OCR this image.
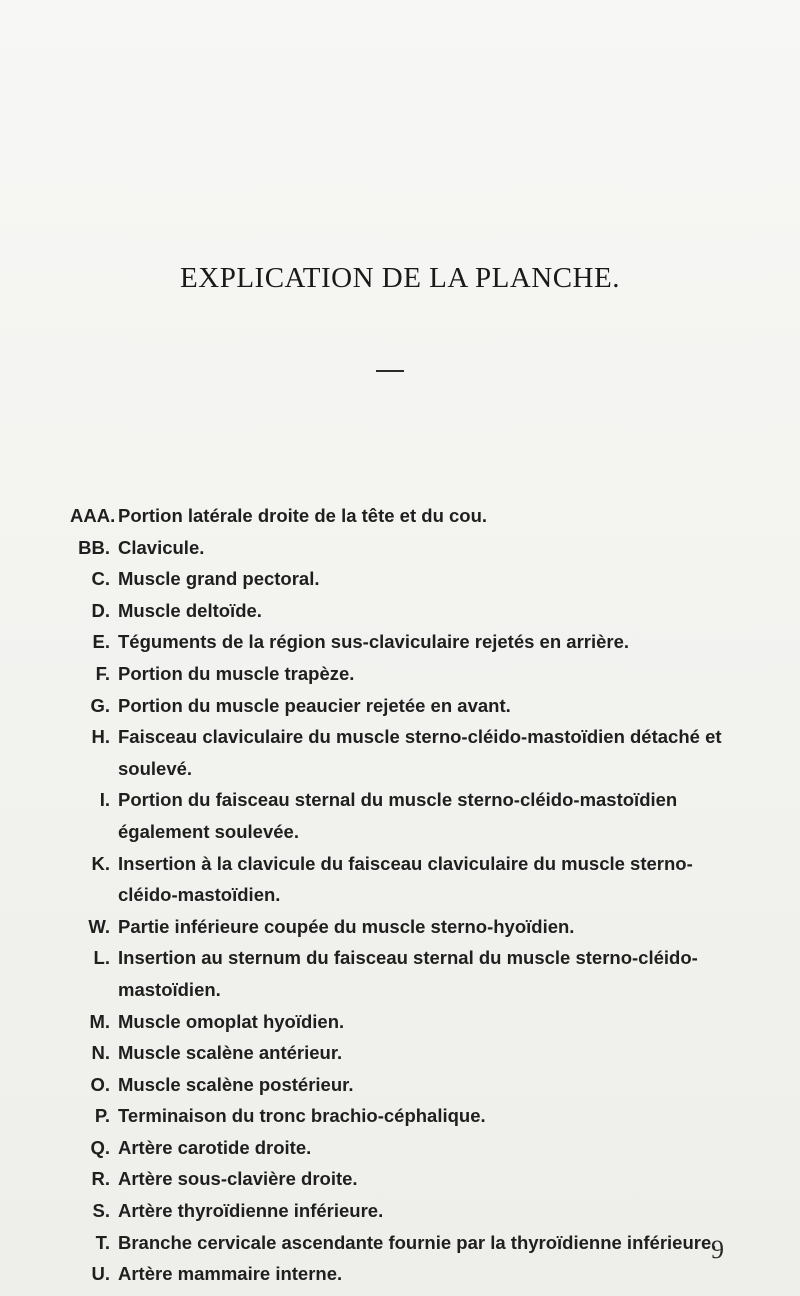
EXPLICATION DE LA PLANCHE.
AAA. Portion latérale droite de la tête et du cou.
BB. Clavicule.
C. Muscle grand pectoral.
D. Muscle deltoïde.
E. Téguments de la région sus-claviculaire rejetés en arrière.
F. Portion du muscle trapèze.
G. Portion du muscle peaucier rejetée en avant.
H. Faisceau claviculaire du muscle sterno-cléido-mastoïdien détaché et soulevé.
I. Portion du faisceau sternal du muscle sterno-cléido-mastoïdien également soulevée.
K. Insertion à la clavicule du faisceau claviculaire du muscle sterno-cléido-mastoïdien.
W. Partie inférieure coupée du muscle sterno-hyoïdien.
L. Insertion au sternum du faisceau sternal du muscle sterno-cléido-mastoïdien.
M. Muscle omoplat hyoïdien.
N. Muscle scalène antérieur.
O. Muscle scalène postérieur.
P. Terminaison du tronc brachio-céphalique.
Q. Artère carotide droite.
R. Artère sous-clavière droite.
S. Artère thyroïdienne inférieure.
T. Branche cervicale ascendante fournie par la thyroïdienne inférieure.
U. Artère mammaire interne.
9
